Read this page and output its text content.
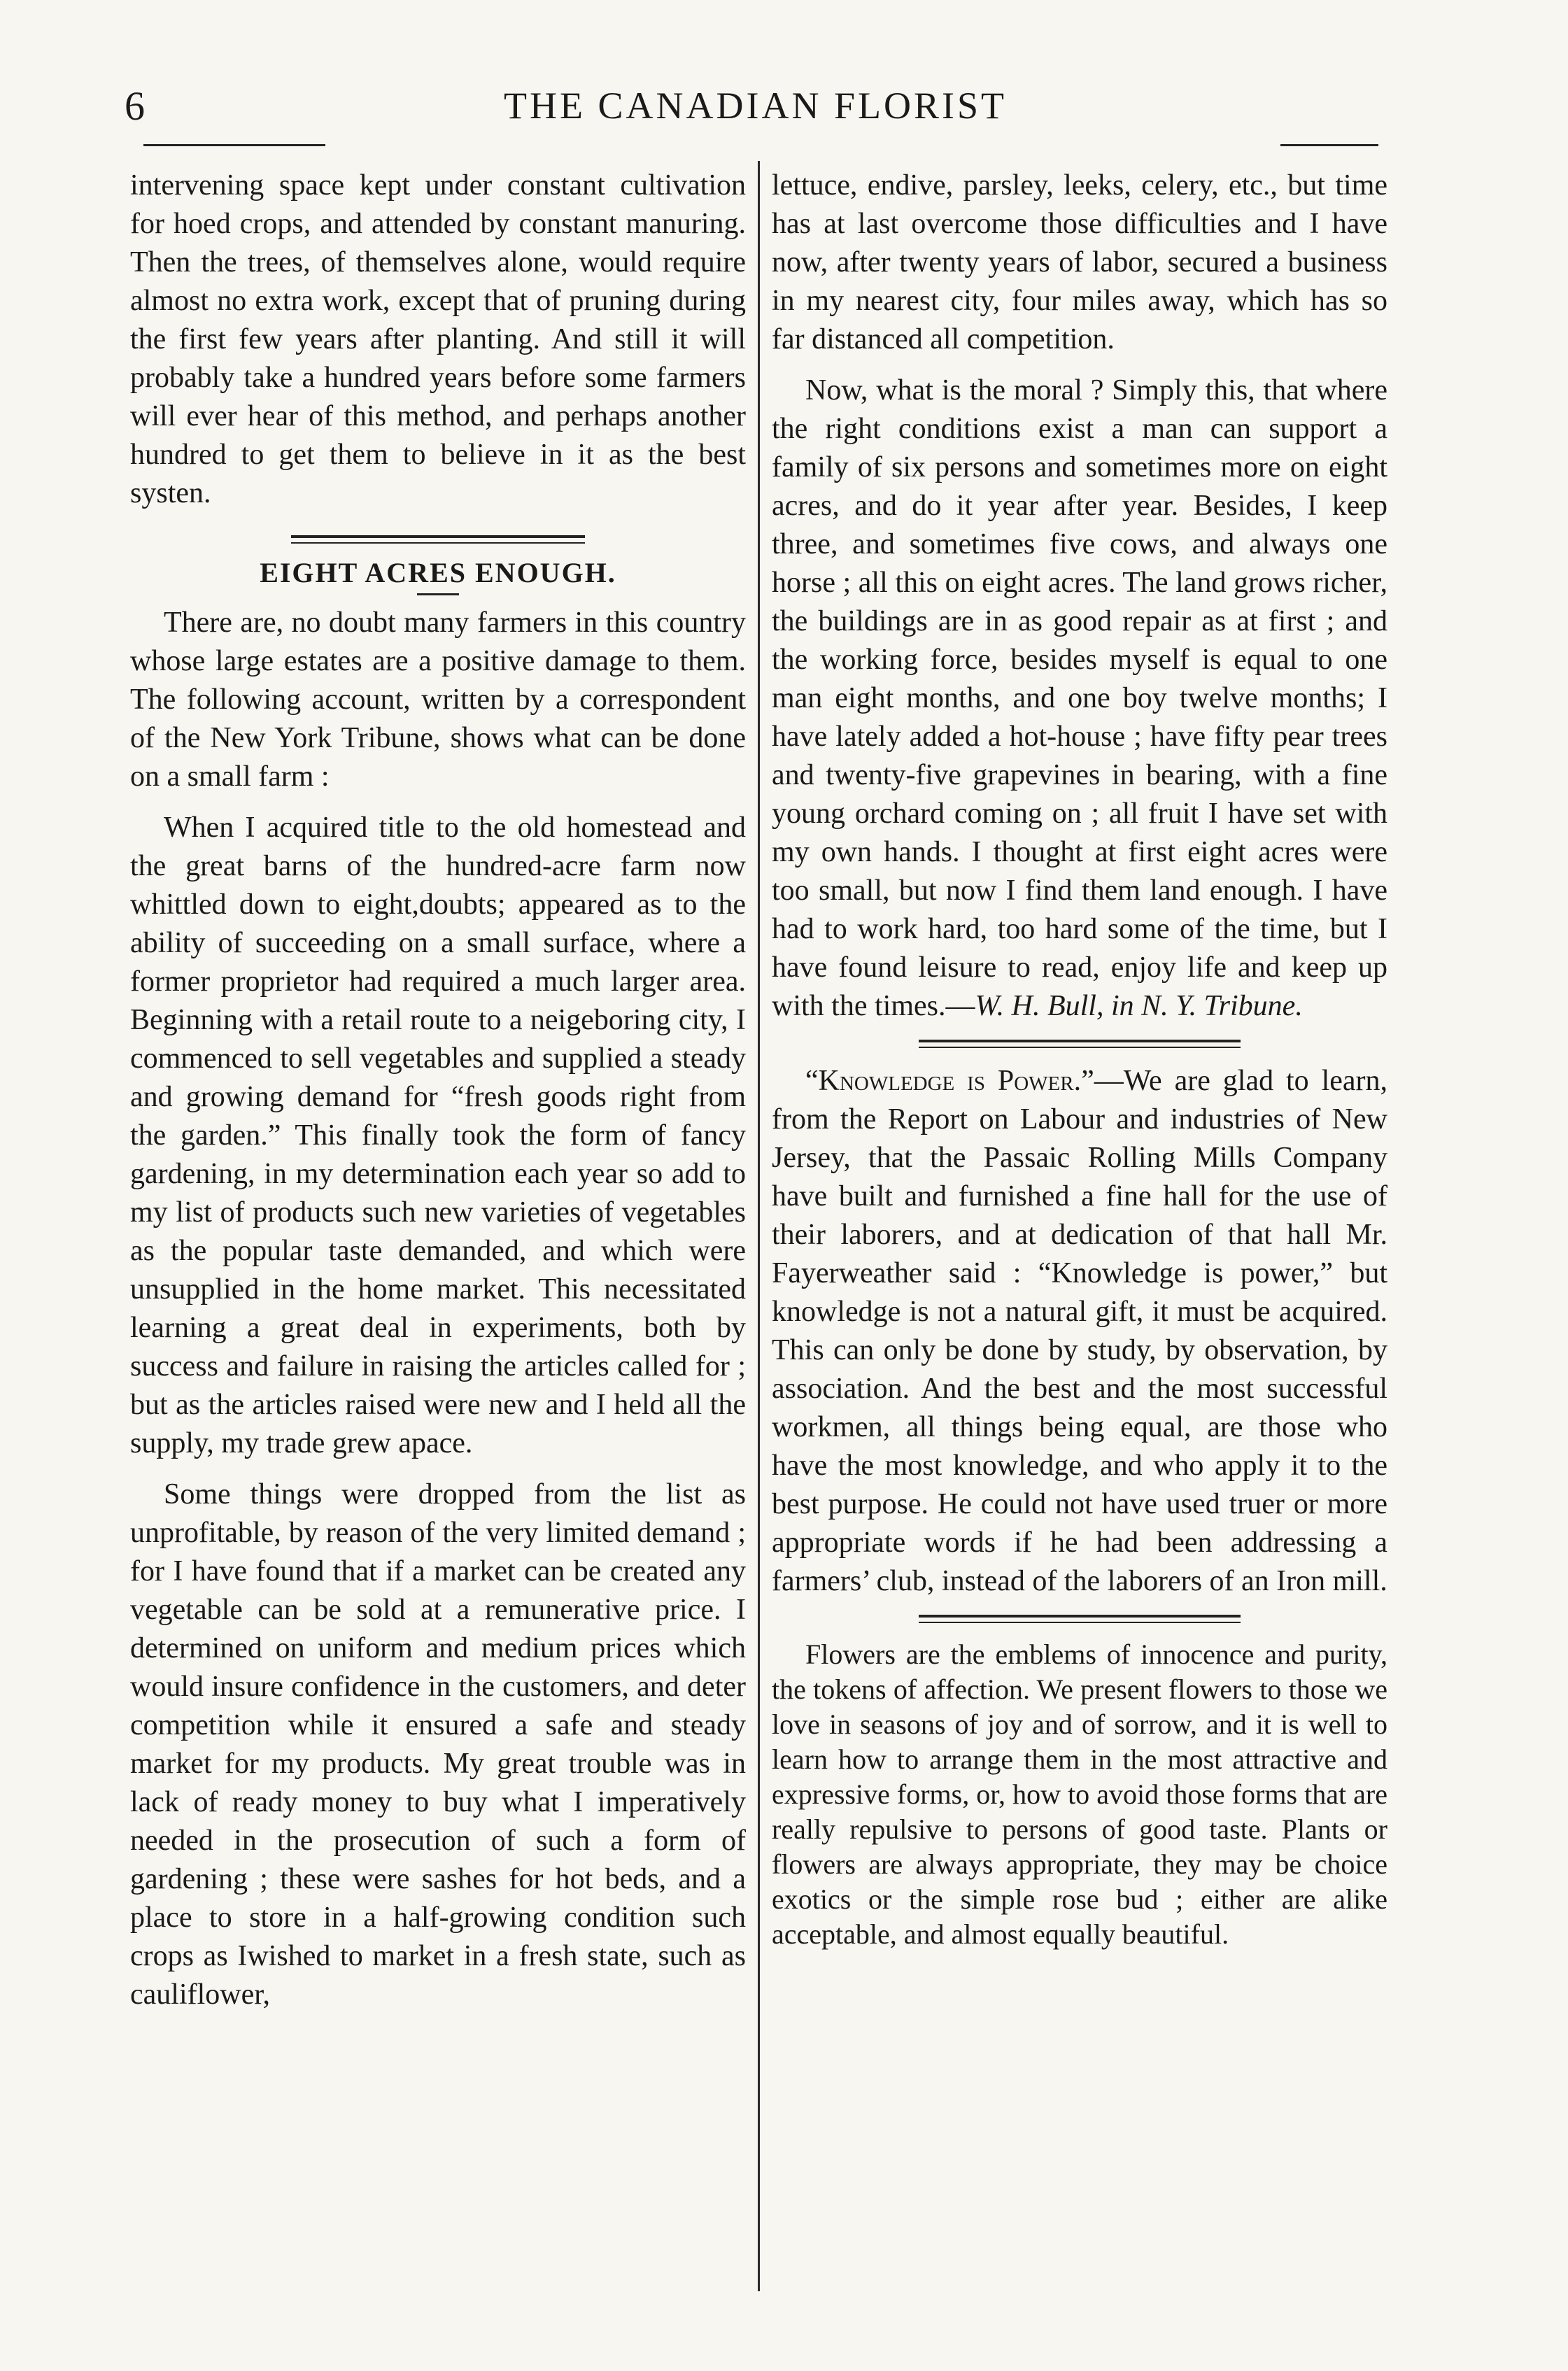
6	THE CANADIAN FLORIST

intervening space kept under constant cultivation for hoed crops, and attended by constant manuring. Then the trees, of themselves alone, would require almost no extra work, except that of pruning during the first few years after planting. And still it will probably take a hundred years before some farmers will ever hear of this method, and perhaps another hundred to get them to believe in it as the best systen.

EIGHT ACRES ENOUGH.

There are, no doubt many farmers in this country whose large estates are a positive damage to them. The following account, written by a correspondent of the New York Tribune, shows what can be done on a small farm :

When I acquired title to the old homestead and the great barns of the hundred-acre farm now whittled down to eight,doubts; appeared as to the ability of succeeding on a small surface, where a former proprietor had required a much larger area. Beginning with a retail route to a neigeboring city, I commenced to sell vegetables and supplied a steady and growing demand for “fresh goods right from the garden.” This finally took the form of fancy gardening, in my determination each year so add to my list of products such new varieties of vegetables as the popular taste demanded, and which were unsupplied in the home market. This necessitated learning a great deal in experiments, both by success and failure in raising the articles called for ; but as the articles raised were new and I held all the supply, my trade grew apace.

Some things were dropped from the list as unprofitable, by reason of the very limited demand ; for I have found that if a market can be created any vegetable can be sold at a remunerative price. I determined on uniform and medium prices which would insure confidence in the customers, and deter competition while it ensured a safe and steady market for my products. My great trouble was in lack of ready money to buy what I imperatively needed in the prosecution of such a form of gardening ; these were sashes for hot beds, and a place to store in a half-growing condition such crops as Iwished to market in a fresh state, such as cauliflower,

lettuce, endive, parsley, leeks, celery, etc., but time has at last overcome those difficulties and I have now, after twenty years of labor, secured a business in my nearest city, four miles away, which has so far distanced all competition.

Now, what is the moral ? Simply this, that where the right conditions exist a man can support a family of six persons and sometimes more on eight acres, and do it year after year. Besides, I keep three, and sometimes five cows, and always one horse ; all this on eight acres. The land grows richer, the buildings are in as good repair as at first ; and the working force, besides myself is equal to one man eight months, and one boy twelve months; I have lately added a hot-house ; have fifty pear trees and twenty-five grapevines in bearing, with a fine young orchard coming on ; all fruit I have set with my own hands. I thought at first eight acres were too small, but now I find them land enough. I have had to work hard, too hard some of the time, but I have found leisure to read, enjoy life and keep up with the times.—W. H. Bull, in N. Y. Tribune.

“Knowledge is Power.”—We are glad to learn, from the Report on Labour and industries of New Jersey, that the Passaic Rolling Mills Company have built and furnished a fine hall for the use of their laborers, and at dedication of that hall Mr. Fayerweather said : “Knowledge is power,” but knowledge is not a natural gift, it must be acquired. This can only be done by study, by observation, by association. And the best and the most successful workmen, all things being equal, are those who have the most knowledge, and who apply it to the best purpose. He could not have used truer or more appropriate words if he had been addressing a farmers’ club, instead of the laborers of an Iron mill.

Flowers are the emblems of innocence and purity, the tokens of affection. We present flowers to those we love in seasons of joy and of sorrow, and it is well to learn how to arrange them in the most attractive and expressive forms, or, how to avoid those forms that are really repulsive to persons of good taste. Plants or flowers are always appropriate, they may be choice exotics or the simple rose bud ; either are alike acceptable, and almost equally beautiful.
